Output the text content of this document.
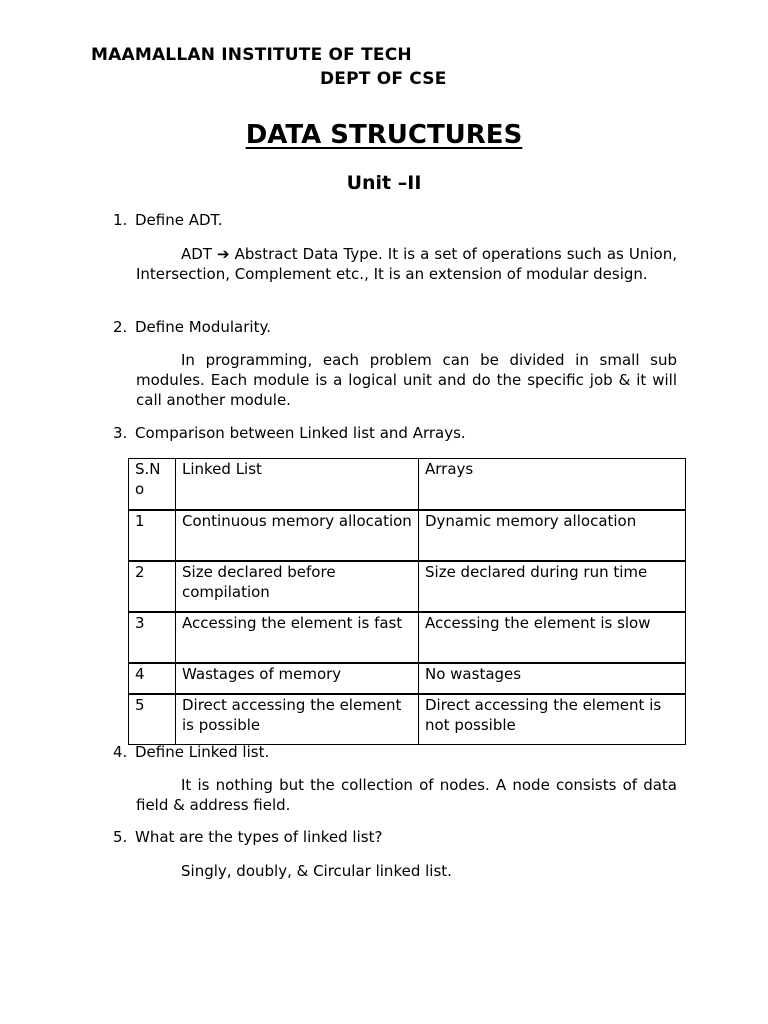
MAAMALLAN INSTITUTE OF TECH
DEPT OF CSE
DATA STRUCTURES
Unit –II
1. Define ADT.
ADT ➔ Abstract Data Type. It is a set of operations such as Union, Intersection, Complement etc., It is an extension of modular design.
2. Define Modularity.
In programming, each problem can be divided in small sub modules. Each module is a logical unit and do the specific job & it will call another module.
3. Comparison between Linked list and Arrays.
S.N o	Linked List	Arrays
1	Continuous memory allocation	Dynamic memory allocation
2	Size declared before compilation	Size declared during run time
3	Accessing the element is fast	Accessing the element is slow
4	Wastages of memory	No wastages
5	Direct accessing the element is possible	Direct accessing the element is not possible
4. Define Linked list.
It is nothing but the collection of nodes. A node consists of data field & address field.
5. What are the types of linked list?
Singly, doubly, & Circular linked list.
